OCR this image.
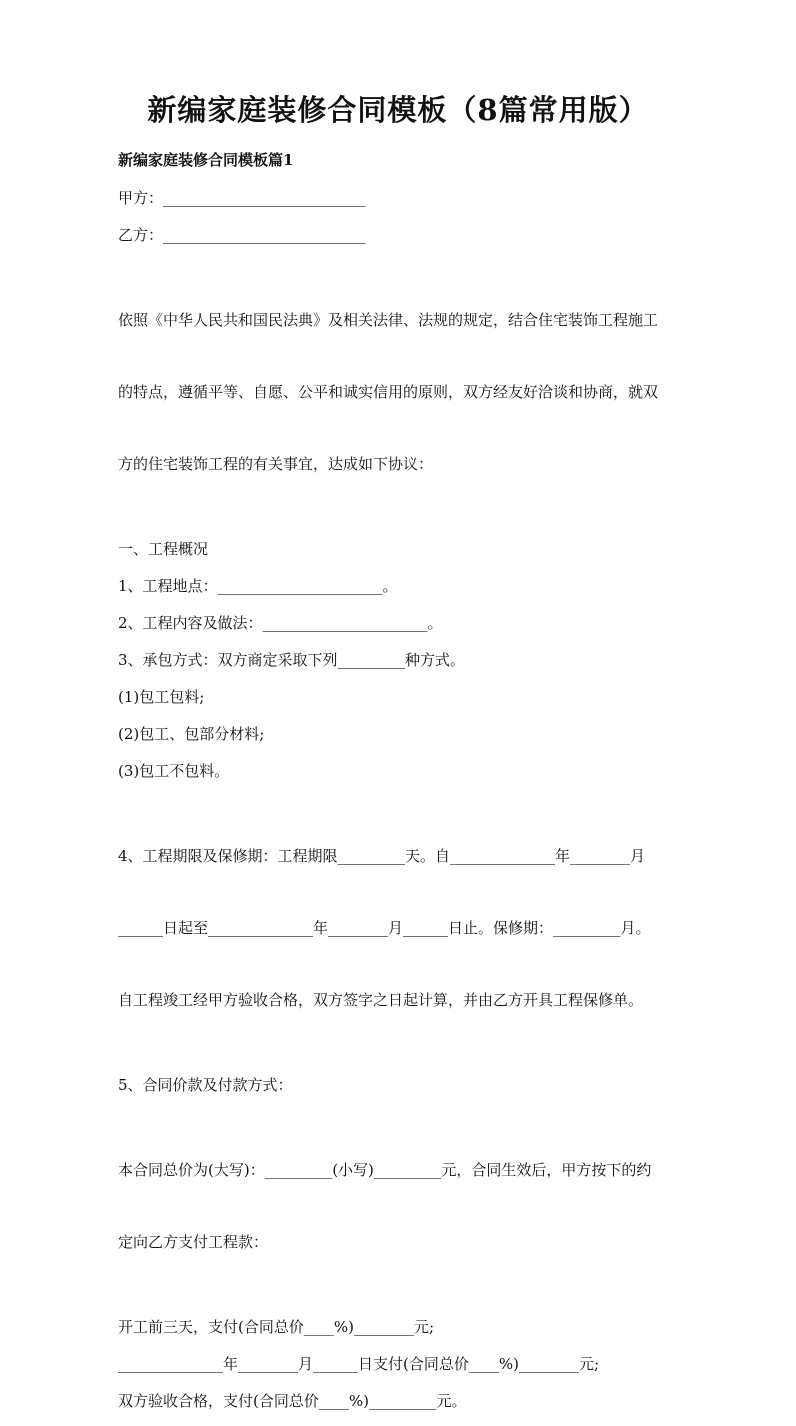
新编家庭装修合同模板（8篇常用版）

新编家庭装修合同模板篇1

甲方：___________________________

乙方：___________________________

依照《中华人民共和国民法典》及相关法律、法规的规定，结合住宅装饰工程施工

的特点，遵循平等、自愿、公平和诚实信用的原则，双方经友好洽谈和协商，就双

方的住宅装饰工程的有关事宜，达成如下协议：

一、工程概况

1、工程地点：______________________。

2、工程内容及做法：______________________。

3、承包方式：双方商定采取下列_________种方式。

(1)包工包料;

(2)包工、包部分材料;

(3)包工不包料。

4、工程期限及保修期：工程期限_________天。自______________年________月

______日起至______________年________月______日止。保修期：_________月。

自工程竣工经甲方验收合格，双方签字之日起计算，并由乙方开具工程保修单。

5、合同价款及付款方式：

本合同总价为(大写)：_________(小写)_________元，合同生效后，甲方按下的约

定向乙方支付工程款：

开工前三天，支付(合同总价____%)________元;

______________年________月______日支付(合同总价____%)________元;

双方验收合格，支付(合同总价____%)_________元。
